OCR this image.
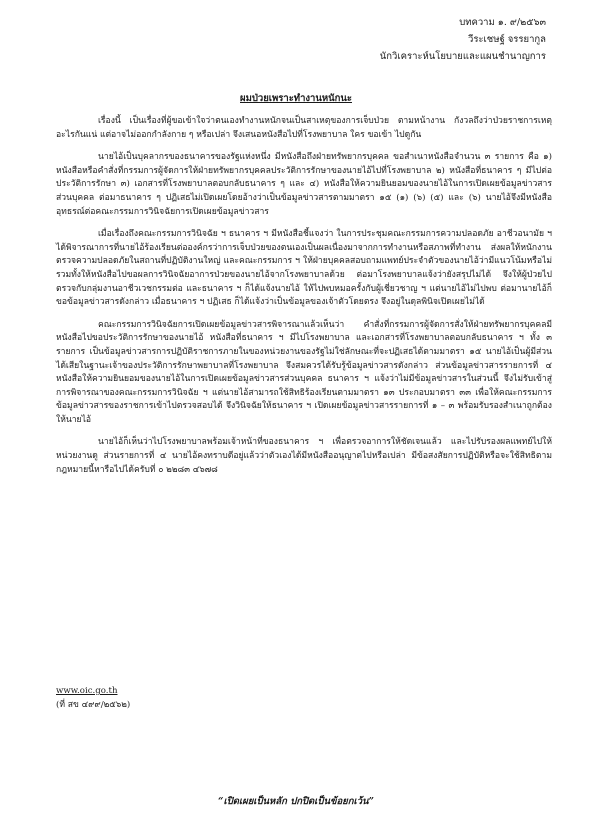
บทความ ๑. ๙/๒๕๖๓
วีระเชษฐ์ จรรยากูล
นักวิเคราะห์นโยบายและแผนชำนาญการ
ผมป่วยเพราะทำงานหนักนะ

เรื่องนี้ เป็นเรื่องที่ผู้ขอเข้าใจว่าตนเองทำงานหนักจนเป็นสาเหตุของการเจ็บป่วย ตามหน้างาน กังวลถึงว่าป่วยราชการเหตุอะไรกันแน่ แต่อาจไม่ออกกำลังกาย ๆ หรือเปล่า จึงเสนอหนังสือไปที่โรงพยาบาล ใคร ขอเข้า ไปดูกัน

นายไอ้เป็นบุคลากรของธนาคารของรัฐแห่งหนึ่ง มีหนังสือถึงฝ่ายทรัพยากรบุคคล ขอสำเนาหนังสือจำนวน ๓ รายการ คือ ๑) หนังสือหรือคำสั่งที่กรรมการผู้จัดการให้ฝ่ายทรัพยากรบุคคลประวัติการรักษาของนายไอ้ไปที่โรงพยาบาล ๒) หนังสือที่ธนาคาร ๆ มีไปต่อประวัติการรักษา ๓) เอกสารที่โรงพยาบาลตอบกลับธนาคาร ๆ และ ๔) หนังสือให้ความยินยอมของนายไอ้ในการเปิดเผยข้อมูลข่าวสารส่วนบุคคล ต่อมาธนาคาร ๆ ปฏิเสธไม่เปิดเผยโดยอ้างว่าเป็นข้อมูลข่าวสารตามมาตรา ๑๕ (๑) (๖) (๕) และ (๖) นายไอ้จึงมีหนังสืออุทธรณ์ต่อคณะกรรมการวินิจฉัยการเปิดเผยข้อมูลข่าวสาร

เมื่อเรื่องถึงคณะกรรมการวินิจฉัย ฯ ธนาคาร ฯ มีหนังสือชี้แจงว่า ในการประชุมคณะกรรมการความปลอดภัย อาชีวอนามัย ฯ ได้พิจารณาการที่นายไอ้ร้องเรียนต่อองค์กรว่าการเจ็บป่วยของตนเองเป็นผลเนื่องมาจากการทำงานหรือสภาพที่ทำงาน ส่งผลให้หนักงานตรวจความปลอดภัยในสถานที่ปฏิบัติงานใหญ่ และคณะกรรมการ ฯ ให้ฝ่ายบุคคลสอบถามแพทย์ประจำตัวของนายไอ้ว่ามีแนวโน้มหรือไม่ รวมทั้งให้หนังสือไปขอผลการวินิจฉัยอาการป่วยของนายไอ้จากโรงพยาบาลด้วย ต่อมาโรงพยาบาลแจ้งว่ายังสรุปไม่ได้ จึงให้ผู้ป่วยไปตรวจกับกลุ่มงานอาชีวเวชกรรมต่อ และธนาคาร ฯ ก็ได้แจ้งนายไอ้ ให้ไปพบหมอครั้งกับผู้เชี่ยวชาญ ฯ แต่นายไอ้ไม่ไปพบ ต่อมานายไอ้ก็ขอข้อมูลข่าวสารดังกล่าว เมื่อธนาคาร ฯ ปฏิเสธ ก็ได้แจ้งว่าเป็นข้อมูลของเจ้าตัวโดยตรง จึงอยู่ในดุลพินิจเปิดเผยไม่ได้

คณะกรรมการวินิจฉัยการเปิดเผยข้อมูลข่าวสารพิจารณาแล้วเห็นว่า คำสั่งที่กรรมการผู้จัดการสั่งให้ฝ่ายทรัพยากรบุคคลมีหนังสือไปขอประวัติการรักษาของนายไอ้ หนังสือที่ธนาคาร ฯ มีไปโรงพยาบาล และเอกสารที่โรงพยาบาลตอบกลับธนาคาร ฯ ทั้ง ๓ รายการ เป็นข้อมูลข่าวสารการปฏิบัติราชการภายในของหน่วยงานของรัฐไม่ใช่ลักษณะที่จะปฏิเสธได้ตามมาตรา ๑๕ นายไอ้เป็นผู้มีส่วนได้เสียในฐานะเจ้าของประวัติการรักษาพยาบาลที่โรงพยาบาล จึงสมควรได้รับรู้ข้อมูลข่าวสารดังกล่าว ส่วนข้อมูลข่าวสารรายการที่ ๔ หนังสือให้ความยินยอมของนายไอ้ในการเปิดเผยข้อมูลข่าวสารส่วนบุคคล ธนาคาร ฯ แจ้งว่าไม่มีข้อมูลข่าวสารในส่วนนี้ จึงไม่รับเข้าสู่การพิจารณาของคณะกรรมการวินิจฉัย ฯ แต่นายไอ้สามารถใช้สิทธิร้องเรียนตามมาตรา ๑๓ ประกอบมาตรา ๓๓ เพื่อให้คณะกรรมการข้อมูลข่าวสารของราชการเข้าไปตรวจสอบได้ จึงวินิจฉัยให้ธนาคาร ฯ เปิดเผยข้อมูลข่าวสารรายการที่ ๑ – ๓ พร้อมรับรองสำเนาถูกต้องให้นายไอ้

นายไอ้ก็เห็นว่าไปโรงพยาบาลพร้อมเจ้าหน้าที่ของธนาคาร ฯ เพื่อตรวจอาการให้ชัดเจนแล้ว และไปรับรองผลแพทย์ไปให้หน่วยงานดู ส่วนรายการที่ ๔ นายไอ้คงทราบดีอยู่แล้วว่าตัวเองได้มีหนังสืออนุญาตไปหรือเปล่า มีข้อสงสัยการปฏิบัติหรือจะใช้สิทธิตามกฎหมายนี้หารือไปได้ครับที่ ๐ ๒๒๘๓ ๔๖๗๘

www.oic.go.th
(ที่ สข ๔๙๙/๒๕๖๒)
“เปิดเผยเป็นหลัก ปกปิดเป็นข้อยกเว้น”
